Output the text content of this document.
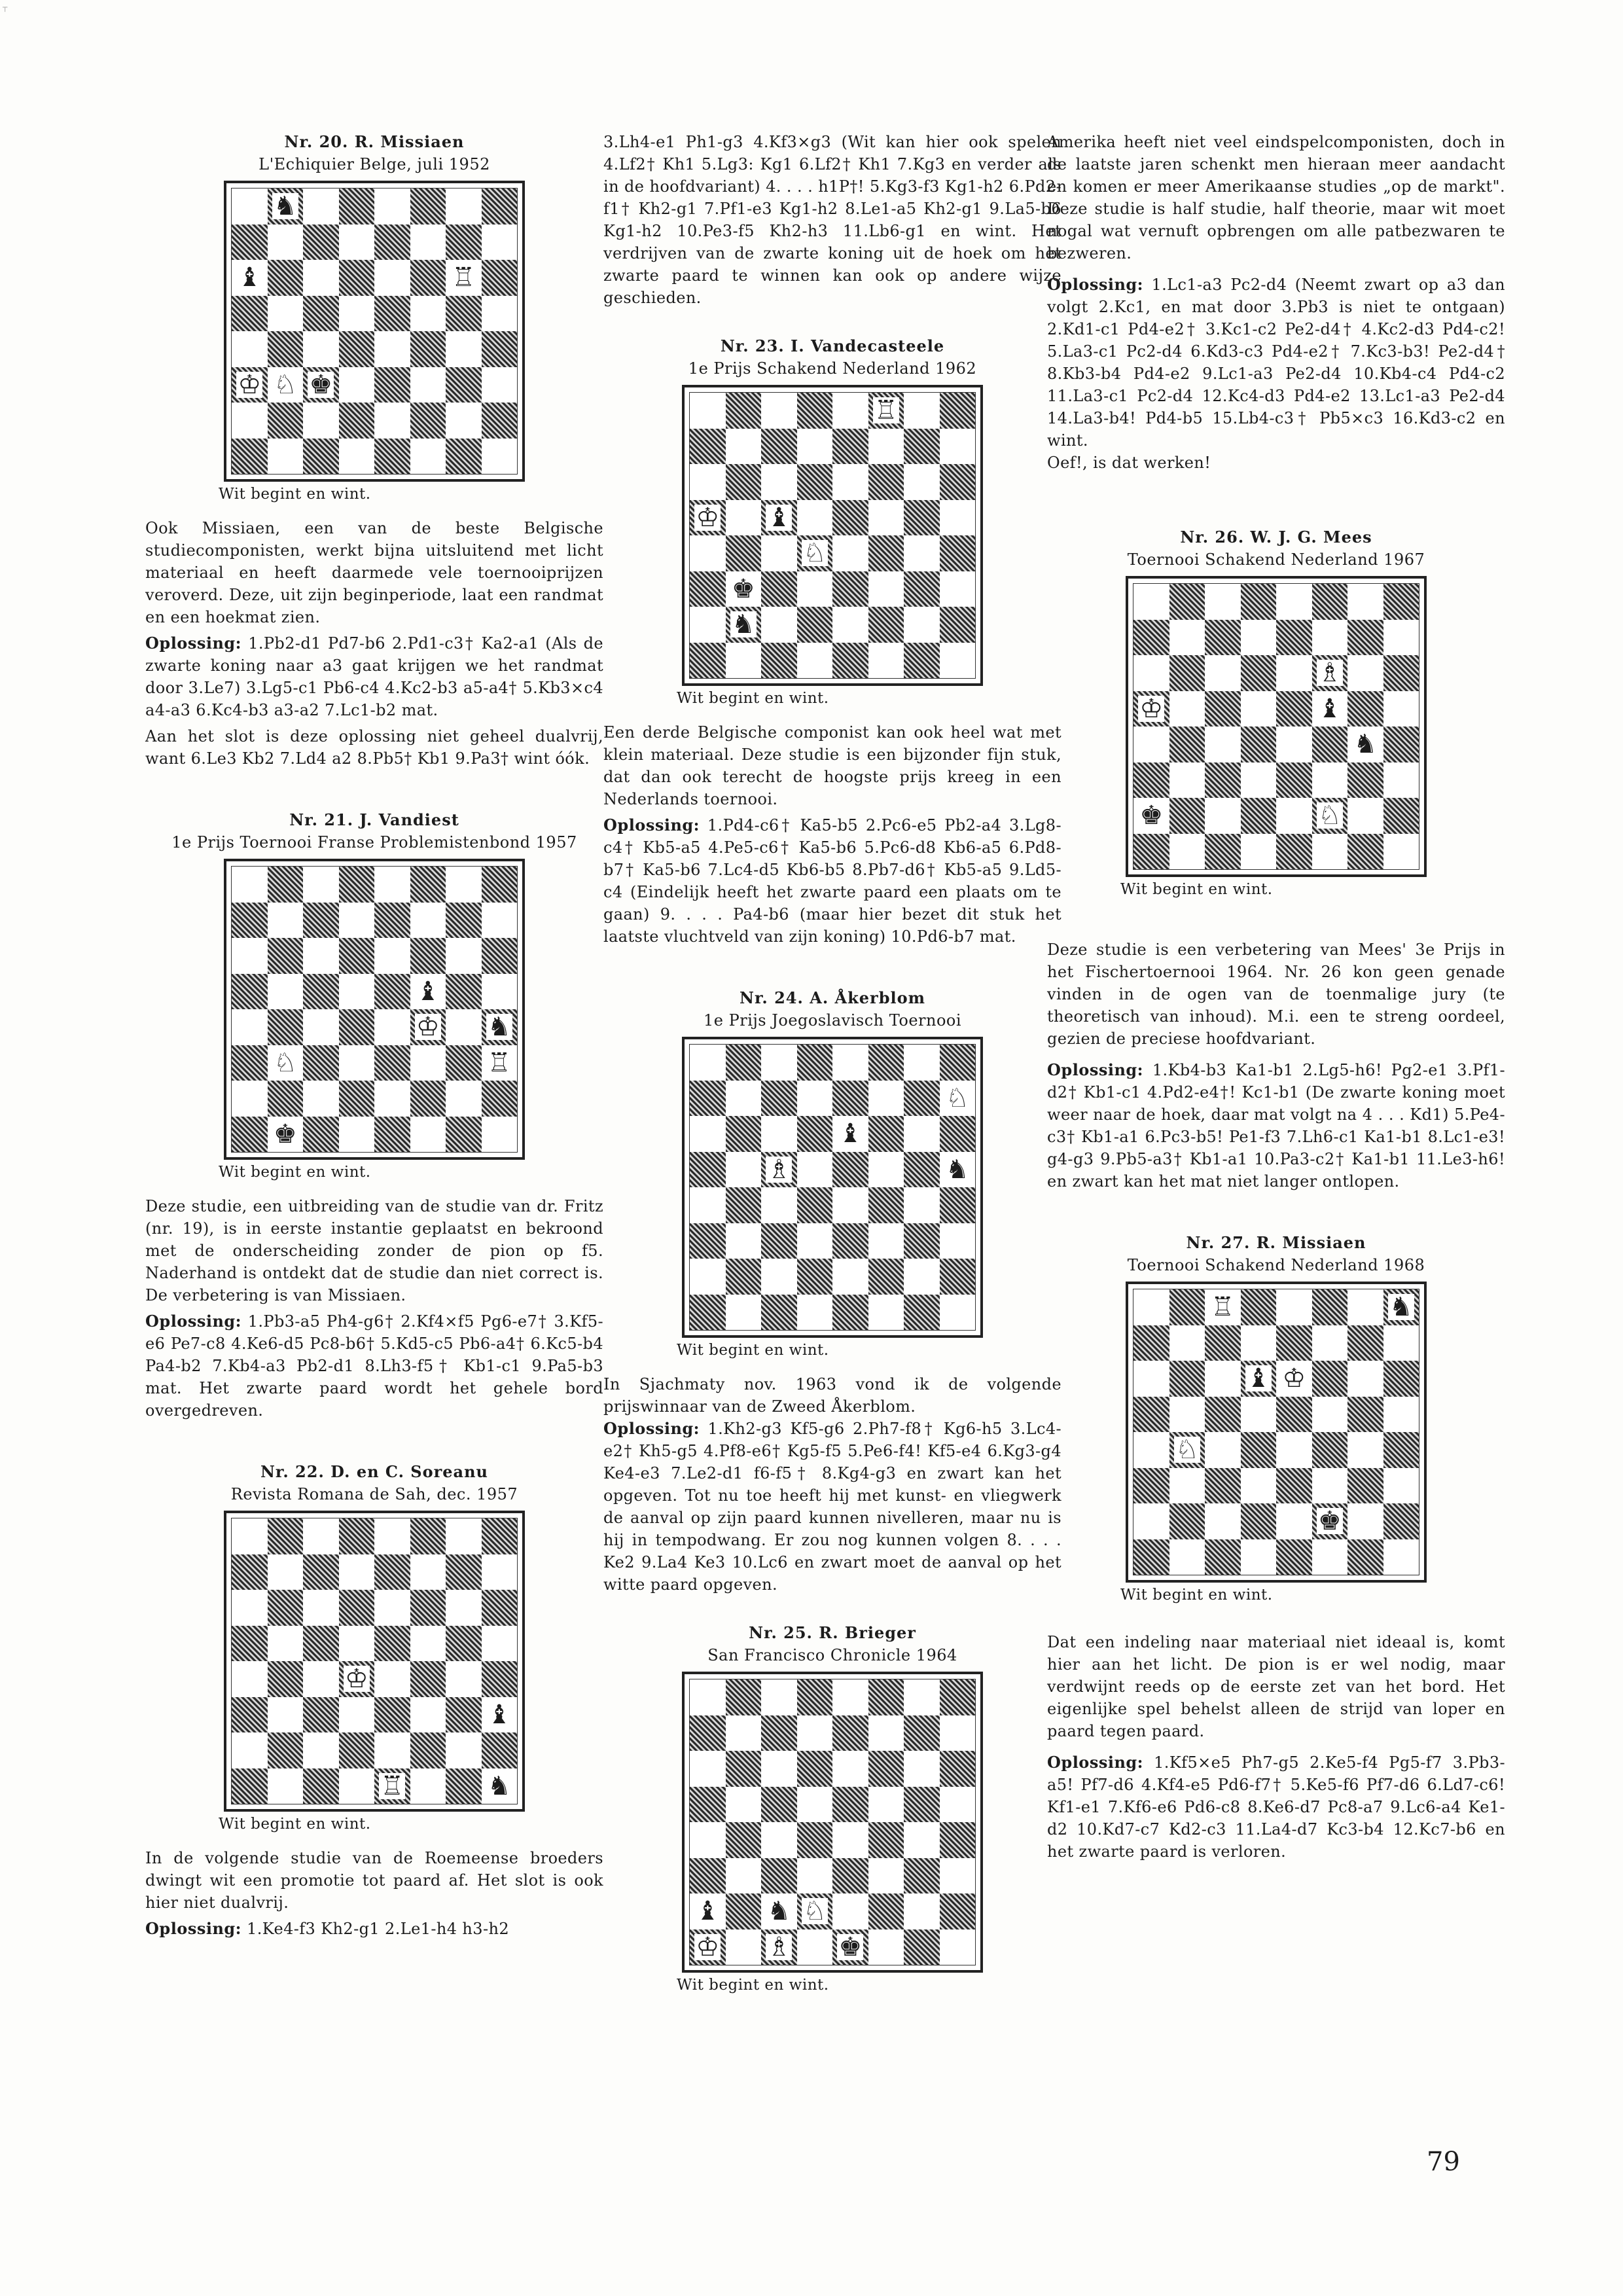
┬

Nr. 20. R. Missiaen

L'Echiquier Belge, juli 1952

♞
♝	♖
♔ ♘ ♚

Wit begint en wint.

Ook Missiaen, een van de beste Belgische studiecomponisten, werkt bijna uitsluitend met licht materiaal en heeft daarmede vele toernooiprijzen veroverd. Deze, uit zijn beginperiode, laat een randmat en een hoekmat zien.

Oplossing: 1.Pb2-d1 Pd7-b6 2.Pd1-c3† Ka2-a1 (Als de zwarte koning naar a3 gaat krijgen we het randmat door 3.Le7) 3.Lg5-c1 Pb6-c4 4.Kc2-b3 a5-a4† 5.Kb3×c4 a4-a3 6.Kc4-b3 a3-a2 7.Lc1-b2 mat.

Aan het slot is deze oplossing niet geheel dualvrij, want 6.Le3 Kb2 7.Ld4 a2 8.Pb5† Kb1 9.Pa3† wint óók.

Nr. 21. J. Vandiest

1e Prijs Toernooi Franse Problemistenbond 1957

♝
♔ ♞
♘	♖
♚

Wit begint en wint.

Deze studie, een uitbreiding van de studie van dr. Fritz (nr. 19), is in eerste instantie geplaatst en bekroond met de onderscheiding zonder de pion op f5. Naderhand is ontdekt dat de studie dan niet correct is. De verbetering is van Missiaen.

Oplossing: 1.Pb3-a5 Ph4-g6† 2.Kf4×f5 Pg6-e7† 3.Kf5-e6 Pe7-c8 4.Ke6-d5 Pc8-b6† 5.Kd5-c5 Pb6-a4† 6.Kc5-b4 Pa4-b2 7.Kb4-a3 Pb2-d1 8.Lh3-f5† Kb1-c1 9.Pa5-b3 mat. Het zwarte paard wordt het gehele bord overgedreven.

Nr. 22. D. en C. Soreanu

Revista Romana de Sah, dec. 1957

♔
♝
♖	♞

Wit begint en wint.

In de volgende studie van de Roemeense broeders dwingt wit een promotie tot paard af. Het slot is ook hier niet dualvrij.

Oplossing: 1.Ke4-f3 Kh2-g1 2.Le1-h4 h3-h2

3.Lh4-e1 Ph1-g3 4.Kf3×g3 (Wit kan hier ook spelen 4.Lf2† Kh1 5.Lg3: Kg1 6.Lf2† Kh1 7.Kg3 en verder als in de hoofdvariant) 4. . . . h1P†! 5.Kg3-f3 Kg1-h2 6.Pd2-f1† Kh2-g1 7.Pf1-e3 Kg1-h2 8.Le1-a5 Kh2-g1 9.La5-b6 Kg1-h2 10.Pe3-f5 Kh2-h3 11.Lb6-g1 en wint. Het verdrijven van de zwarte koning uit de hoek om het zwarte paard te winnen kan ook op andere wijze geschieden.

Nr. 23. I. Vandecasteele

1e Prijs Schakend Nederland 1962

♖
♔ ♝
♘
♚
♞

Wit begint en wint.

Een derde Belgische componist kan ook heel wat met klein materiaal. Deze studie is een bijzonder fijn stuk, dat dan ook terecht de hoogste prijs kreeg in een Nederlands toernooi.

Oplossing: 1.Pd4-c6† Ka5-b5 2.Pc6-e5 Pb2-a4 3.Lg8-c4† Kb5-a5 4.Pe5-c6† Ka5-b6 5.Pc6-d8 Kb6-a5 6.Pd8-b7† Ka5-b6 7.Lc4-d5 Kb6-b5 8.Pb7-d6† Kb5-a5 9.Ld5-c4 (Eindelijk heeft het zwarte paard een plaats om te gaan) 9. . . . Pa4-b6 (maar hier bezet dit stuk het laatste vluchtveld van zijn koning) 10.Pd6-b7 mat.

Nr. 24. A. Åkerblom

1e Prijs Joegoslavisch Toernooi

♘
♝
♗	♞

Wit begint en wint.

In Sjachmaty nov. 1963 vond ik de volgende prijswinnaar van de Zweed Åkerblom.

Oplossing: 1.Kh2-g3 Kf5-g6 2.Ph7-f8† Kg6-h5 3.Lc4-e2† Kh5-g5 4.Pf8-e6† Kg5-f5 5.Pe6-f4! Kf5-e4 6.Kg3-g4 Ke4-e3 7.Le2-d1 f6-f5† 8.Kg4-g3 en zwart kan het opgeven. Tot nu toe heeft hij met kunst- en vliegwerk de aanval op zijn paard kunnen nivelleren, maar nu is hij in tempodwang. Er zou nog kunnen volgen 8. . . . Ke2 9.La4 Ke3 10.Lc6 en zwart moet de aanval op het witte paard opgeven.

Nr. 25. R. Brieger

San Francisco Chronicle 1964

♝ ♞ ♘
♔ ♗ ♚

Wit begint en wint.

Amerika heeft niet veel eindspelcomponisten, doch in de laatste jaren schenkt men hieraan meer aandacht en komen er meer Amerikaanse studies „op de markt". Deze studie is half studie, half theorie, maar wit moet nogal wat vernuft opbrengen om alle patbezwaren te bezweren.

Oplossing: 1.Lc1-a3 Pc2-d4 (Neemt zwart op a3 dan volgt 2.Kc1, en mat door 3.Pb3 is niet te ontgaan) 2.Kd1-c1 Pd4-e2† 3.Kc1-c2 Pe2-d4† 4.Kc2-d3 Pd4-c2! 5.La3-c1 Pc2-d4 6.Kd3-c3 Pd4-e2† 7.Kc3-b3! Pe2-d4† 8.Kb3-b4 Pd4-e2 9.Lc1-a3 Pe2-d4 10.Kb4-c4 Pd4-c2 11.La3-c1 Pc2-d4 12.Kc4-d3 Pd4-e2 13.Lc1-a3 Pe2-d4 14.La3-b4! Pd4-b5 15.Lb4-c3† Pb5×c3 16.Kd3-c2 en wint.

Oef!, is dat werken!

Nr. 26. W. J. G. Mees

Toernooi Schakend Nederland 1967

♗
♔	♝
♞
♚	♘

Wit begint en wint.

Deze studie is een verbetering van Mees' 3e Prijs in het Fischertoernooi 1964. Nr. 26 kon geen genade vinden in de ogen van de toenmalige jury (te theoretisch van inhoud). M.i. een te streng oordeel, gezien de preciese hoofdvariant.

Oplossing: 1.Kb4-b3 Ka1-b1 2.Lg5-h6! Pg2-e1 3.Pf1-d2† Kb1-c1 4.Pd2-e4†! Kc1-b1 (De zwarte koning moet weer naar de hoek, daar mat volgt na 4 . . . Kd1) 5.Pe4-c3† Kb1-a1 6.Pc3-b5! Pe1-f3 7.Lh6-c1 Ka1-b1 8.Lc1-e3! g4-g3 9.Pb5-a3† Kb1-a1 10.Pa3-c2† Ka1-b1 11.Le3-h6! en zwart kan het mat niet langer ontlopen.

Nr. 27. R. Missiaen

Toernooi Schakend Nederland 1968

♖	♞
♝ ♔
♘
♚

Wit begint en wint.

Dat een indeling naar materiaal niet ideaal is, komt hier aan het licht. De pion is er wel nodig, maar verdwijnt reeds op de eerste zet van het bord. Het eigenlijke spel behelst alleen de strijd van loper en paard tegen paard.

Oplossing: 1.Kf5×e5 Ph7-g5 2.Ke5-f4 Pg5-f7 3.Pb3-a5! Pf7-d6 4.Kf4-e5 Pd6-f7† 5.Ke5-f6 Pf7-d6 6.Ld7-c6! Kf1-e1 7.Kf6-e6 Pd6-c8 8.Ke6-d7 Pc8-a7 9.Lc6-a4 Ke1-d2 10.Kd7-c7 Kd2-c3 11.La4-d7 Kc3-b4 12.Kc7-b6 en het zwarte paard is verloren.

79
